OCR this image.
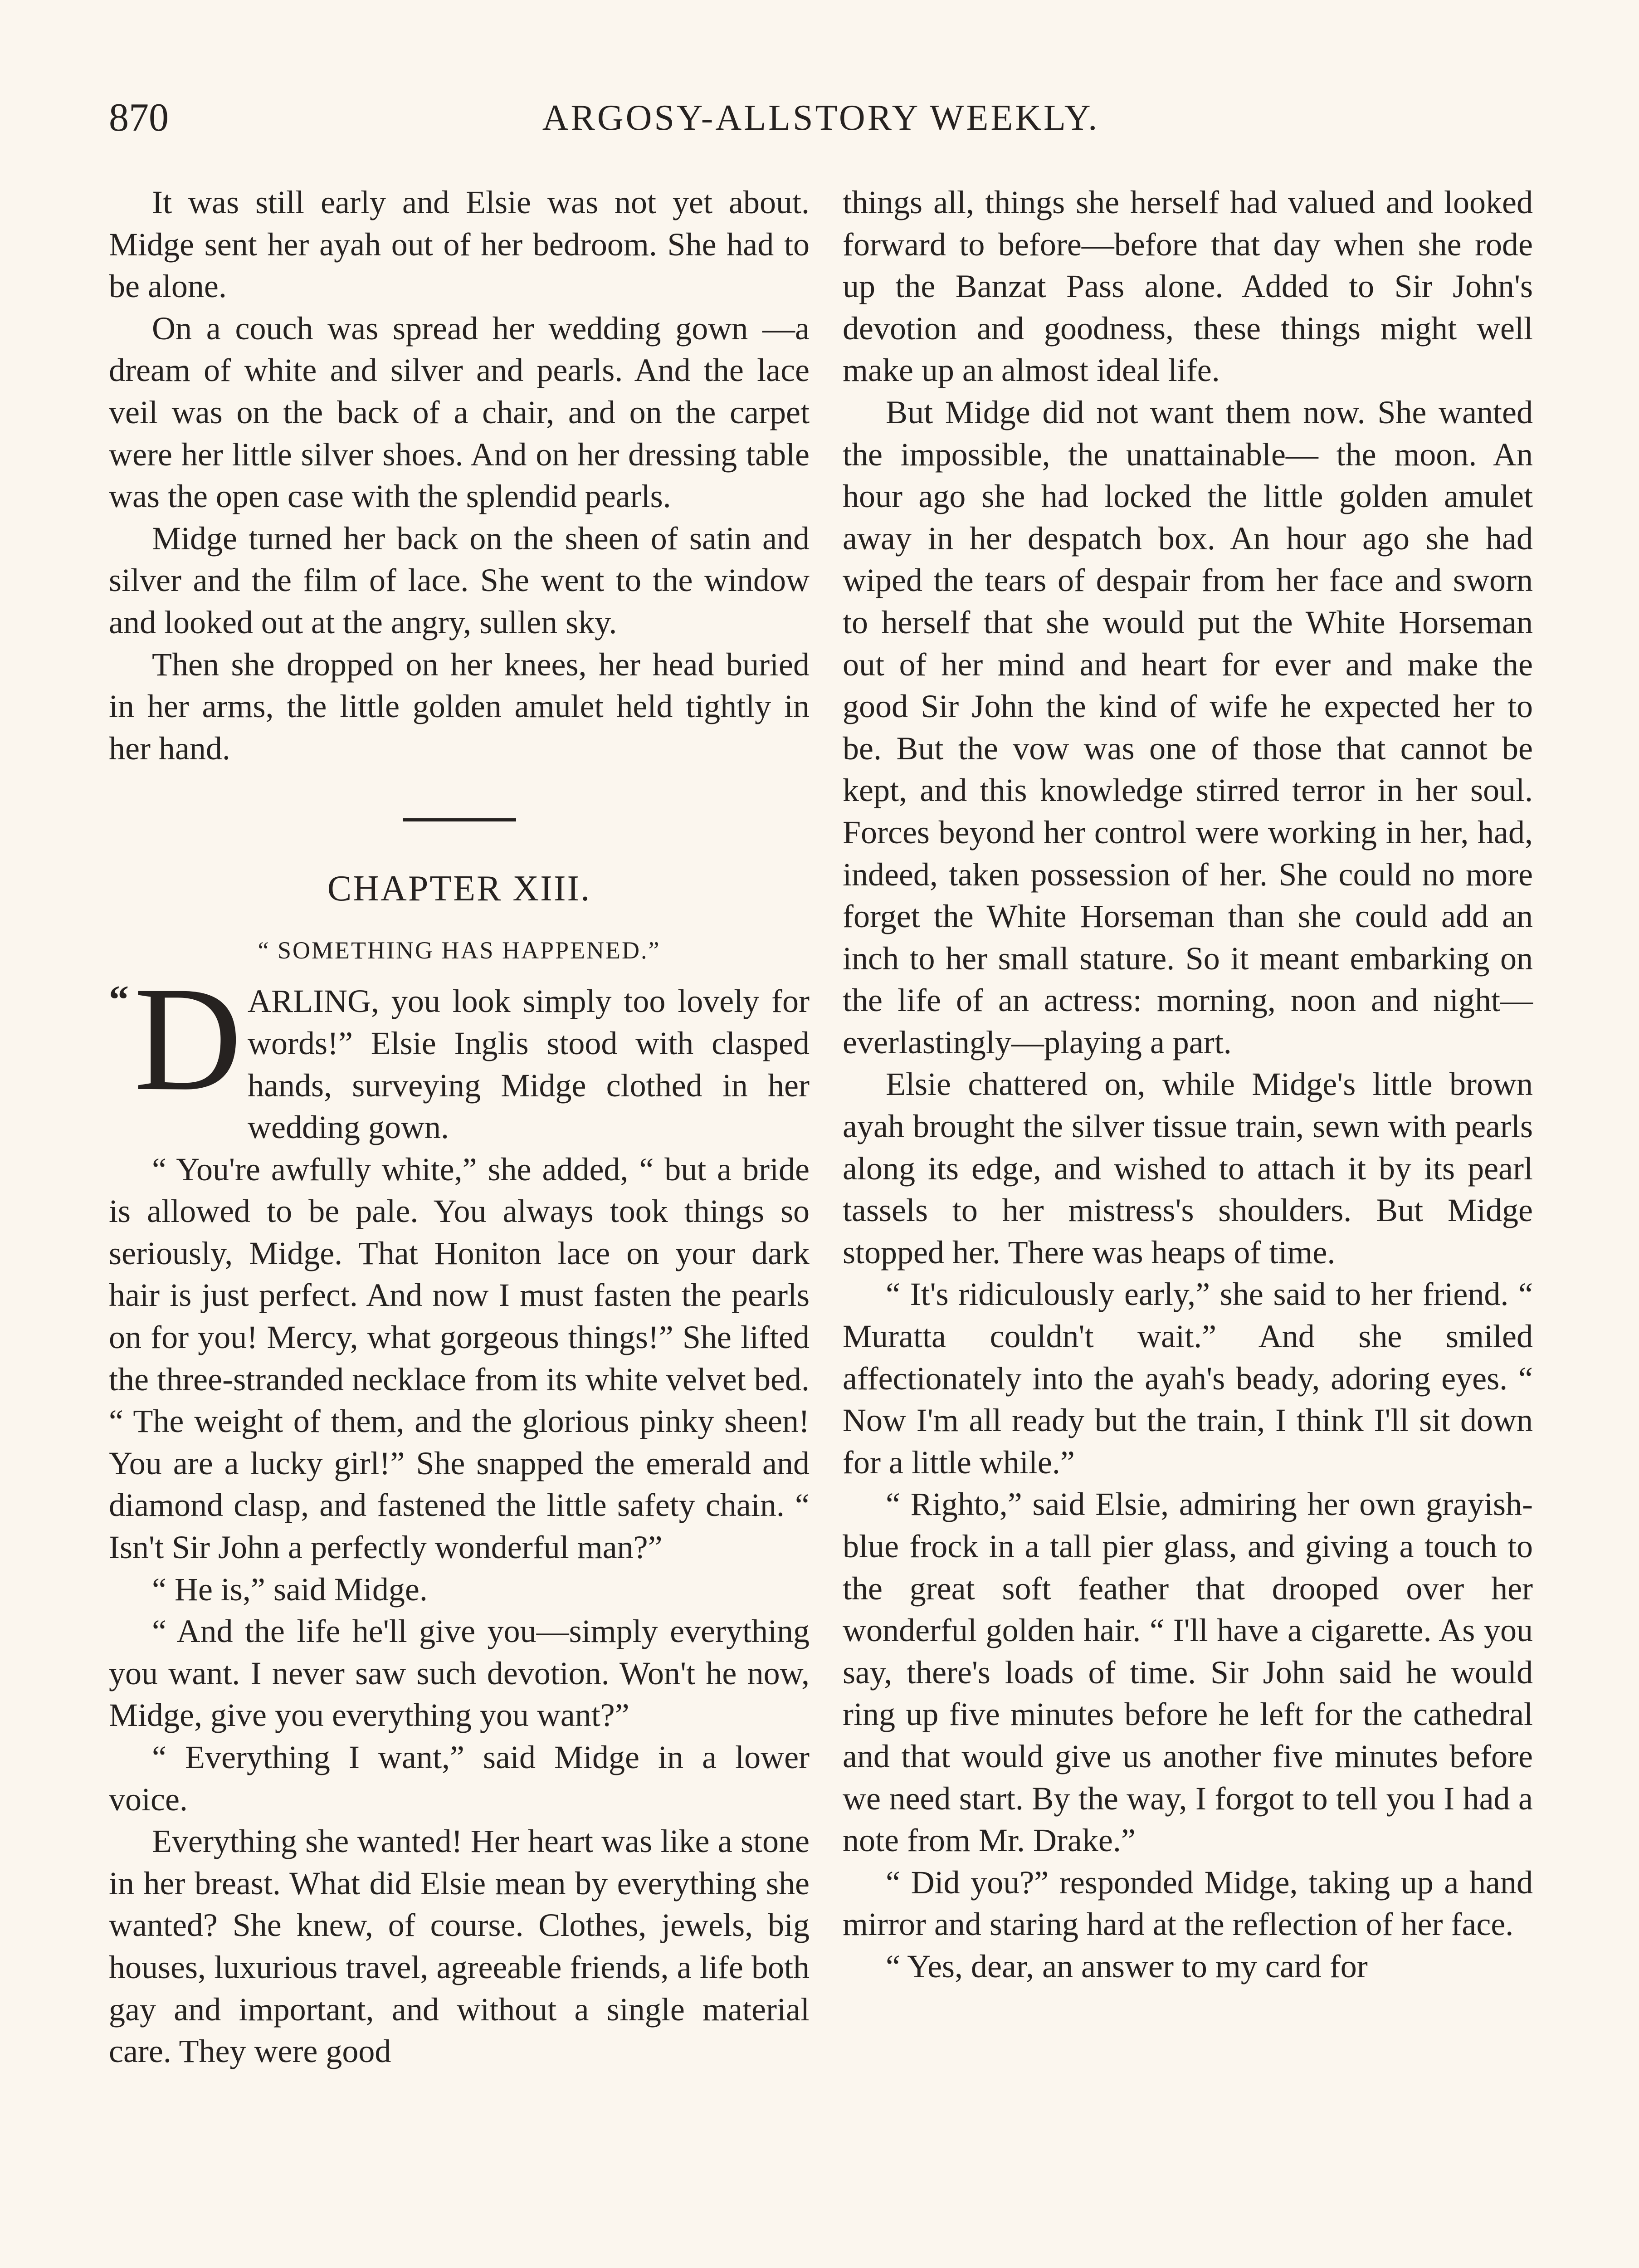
870	ARGOSY-ALLSTORY WEEKLY.

It was still early and Elsie was not yet about. Midge sent her ayah out of her bedroom. She had to be alone.

On a couch was spread her wedding gown —a dream of white and silver and pearls. And the lace veil was on the back of a chair, and on the carpet were her little silver shoes. And on her dressing table was the open case with the splendid pearls.

Midge turned her back on the sheen of satin and silver and the film of lace. She went to the window and looked out at the angry, sullen sky.

Then she dropped on her knees, her head buried in her arms, the little golden amulet held tightly in her hand.

CHAPTER XIII.
“ SOMETHING HAS HAPPENED.”

“ D ARLING, you look simply too lovely for words!” Elsie Inglis stood with clasped hands, surveying Midge clothed in her wedding gown.

“ You're awfully white,” she added, “ but a bride is allowed to be pale. You always took things so seriously, Midge. That Honiton lace on your dark hair is just perfect. And now I must fasten the pearls on for you! Mercy, what gorgeous things!” She lifted the three-stranded necklace from its white velvet bed. “ The weight of them, and the glorious pinky sheen! You are a lucky girl!” She snapped the emerald and diamond clasp, and fastened the little safety chain. “ Isn't Sir John a perfectly wonderful man?”

“ He is,” said Midge.

“ And the life he'll give you—simply everything you want. I never saw such devotion. Won't he now, Midge, give you everything you want?”

“ Everything I want,” said Midge in a lower voice.

Everything she wanted! Her heart was like a stone in her breast. What did Elsie mean by everything she wanted? She knew, of course. Clothes, jewels, big houses, luxurious travel, agreeable friends, a life both gay and important, and without a single material care. They were good

things all, things she herself had valued and looked forward to before—before that day when she rode up the Banzat Pass alone. Added to Sir John's devotion and goodness, these things might well make up an almost ideal life.

But Midge did not want them now. She wanted the impossible, the unattainable— the moon. An hour ago she had locked the little golden amulet away in her despatch box. An hour ago she had wiped the tears of despair from her face and sworn to herself that she would put the White Horseman out of her mind and heart for ever and make the good Sir John the kind of wife he expected her to be. But the vow was one of those that cannot be kept, and this knowledge stirred terror in her soul. Forces beyond her control were working in her, had, indeed, taken possession of her. She could no more forget the White Horseman than she could add an inch to her small stature. So it meant embarking on the life of an actress: morning, noon and night—everlastingly—playing a part.

Elsie chattered on, while Midge's little brown ayah brought the silver tissue train, sewn with pearls along its edge, and wished to attach it by its pearl tassels to her mistress's shoulders. But Midge stopped her. There was heaps of time.

“ It's ridiculously early,” she said to her friend. “ Muratta couldn't wait.” And she smiled affectionately into the ayah's beady, adoring eyes. “ Now I'm all ready but the train, I think I'll sit down for a little while.”

“ Righto,” said Elsie, admiring her own grayish-blue frock in a tall pier glass, and giving a touch to the great soft feather that drooped over her wonderful golden hair. “ I'll have a cigarette. As you say, there's loads of time. Sir John said he would ring up five minutes before he left for the cathedral and that would give us another five minutes before we need start. By the way, I forgot to tell you I had a note from Mr. Drake.”

“ Did you?” responded Midge, taking up a hand mirror and staring hard at the reflection of her face.

“ Yes, dear, an answer to my card for
